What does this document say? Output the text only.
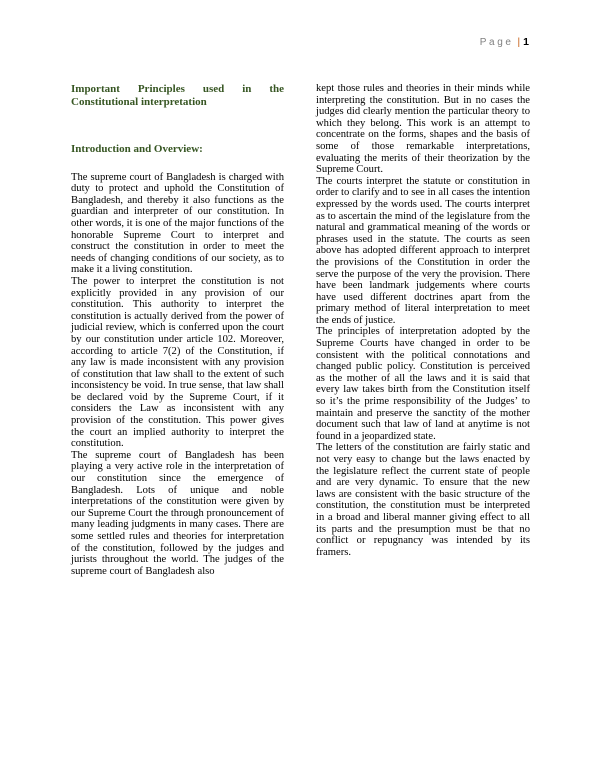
Page | 1
Important Principles used in the Constitutional interpretation
Introduction and Overview:

The supreme court of Bangladesh is charged with duty to protect and uphold the Constitution of Bangladesh, and thereby it also functions as the guardian and interpreter of our constitution. In other words, it is one of the major functions of the honorable Supreme Court to interpret and construct the constitution in order to meet the needs of changing conditions of our society, as to make it a living constitution.

The power to interpret the constitution is not explicitly provided in any provision of our constitution. This authority to interpret the constitution is actually derived from the power of judicial review, which is conferred upon the court by our constitution under article 102. Moreover, according to article 7(2) of the Constitution, if any law is made inconsistent with any provision of constitution that law shall to the extent of such inconsistency be void. In true sense, that law shall be declared void by the Supreme Court, if it considers the Law as inconsistent with any provision of the constitution. This power gives the court an implied authority to interpret the constitution.

The supreme court of Bangladesh has been playing a very active role in the interpretation of our constitution since the emergence of Bangladesh. Lots of unique and noble interpretations of the constitution were given by our Supreme Court the through pronouncement of many leading judgments in many cases. There are some settled rules and theories for interpretation of the constitution, followed by the judges and jurists throughout the world. The judges of the supreme court of Bangladesh also

kept those rules and theories in their minds while interpreting the constitution. But in no cases the judges did clearly mention the particular theory to which they belong. This work is an attempt to concentrate on the forms, shapes and the basis of some of those remarkable interpretations, evaluating the merits of their theorization by the Supreme Court.

The courts interpret the statute or constitution in order to clarify and to see in all cases the intention expressed by the words used. The courts interpret as to ascertain the mind of the legislature from the natural and grammatical meaning of the words or phrases used in the statute. The courts as seen above has adopted different approach to interpret the provisions of the Constitution in order the serve the purpose of the very the provision. There have been landmark judgements where courts have used different doctrines apart from the primary method of literal interpretation to meet the ends of justice.

The principles of interpretation adopted by the Supreme Courts have changed in order to be consistent with the political connotations and changed public policy. Constitution is perceived as the mother of all the laws and it is said that every law takes birth from the Constitution itself so it’s the prime responsibility of the Judges’ to maintain and preserve the sanctity of the mother document such that law of land at anytime is not found in a jeopardized state.

The letters of the constitution are fairly static and not very easy to change but the laws enacted by the legislature reflect the current state of people and are very dynamic. To ensure that the new laws are consistent with the basic structure of the constitution, the constitution must be interpreted in a broad and liberal manner giving effect to all its parts and the presumption must be that no conflict or repugnancy was intended by its framers.
